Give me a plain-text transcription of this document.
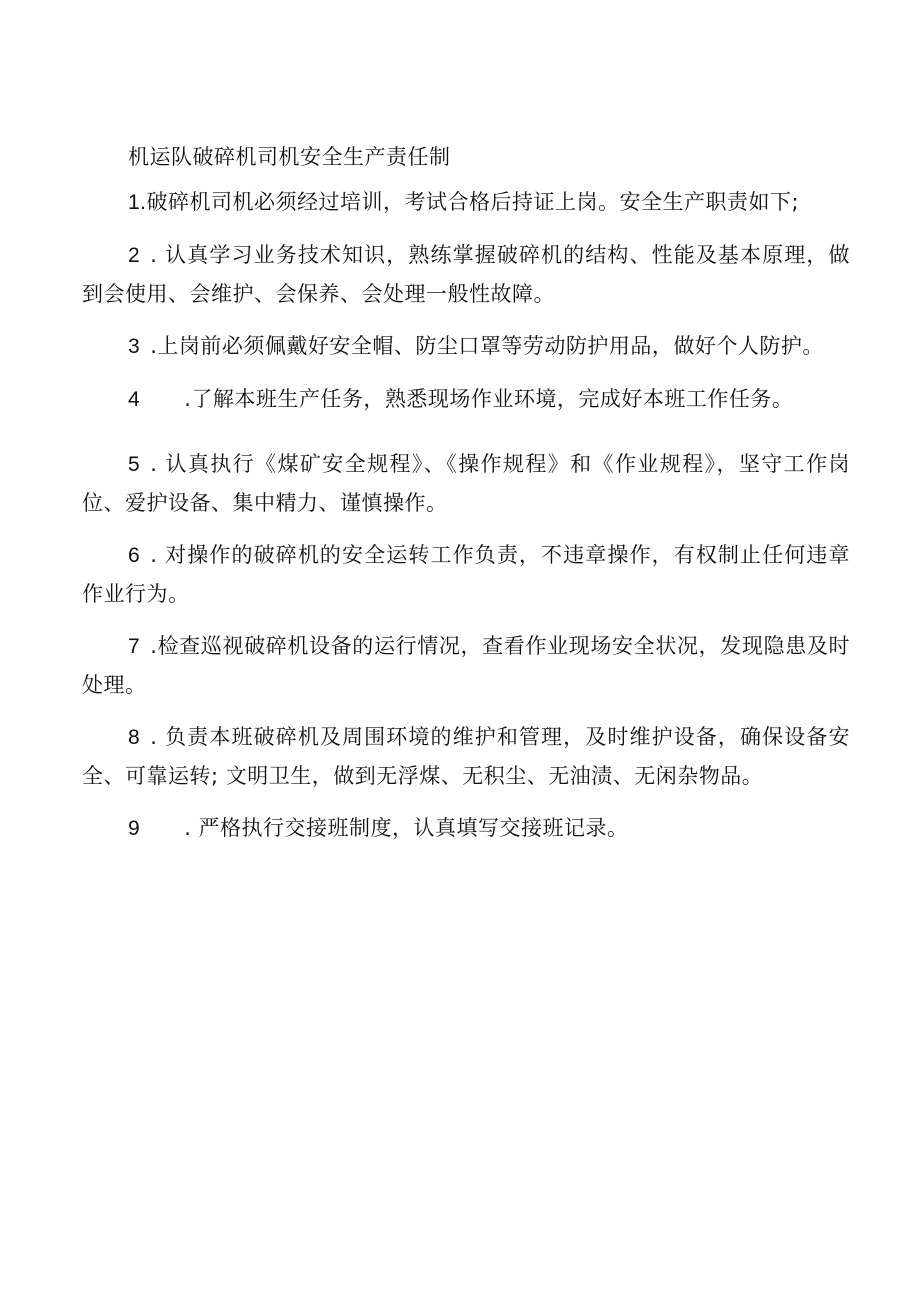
机运队破碎机司机安全生产责任制

1.破碎机司机必须经过培训，考试合格后持证上岗。安全生产职责如下;

2 . 认真学习业务技术知识，熟练掌握破碎机的结构、性能及基本原理，做到会使用、会维护、会保养、会处理一般性故障。

3 .上岗前必须佩戴好安全帽、防尘口罩等劳动防护用品，做好个人防护。

4 .了解本班生产任务，熟悉现场作业环境，完成好本班工作任务。

5 . 认真执行《煤矿安全规程》、《操作规程》和《作业规程》，坚守工作岗位、爱护设备、集中精力、谨慎操作。

6 . 对操作的破碎机的安全运转工作负责，不违章操作，有权制止任何违章作业行为。

7 .检查巡视破碎机设备的运行情况，查看作业现场安全状况，发现隐患及时处理。

8 . 负责本班破碎机及周围环境的维护和管理，及时维护设备，确保设备安全、可靠运转; 文明卫生，做到无浮煤、无积尘、无油渍、无闲杂物品。

9 . 严格执行交接班制度，认真填写交接班记录。
